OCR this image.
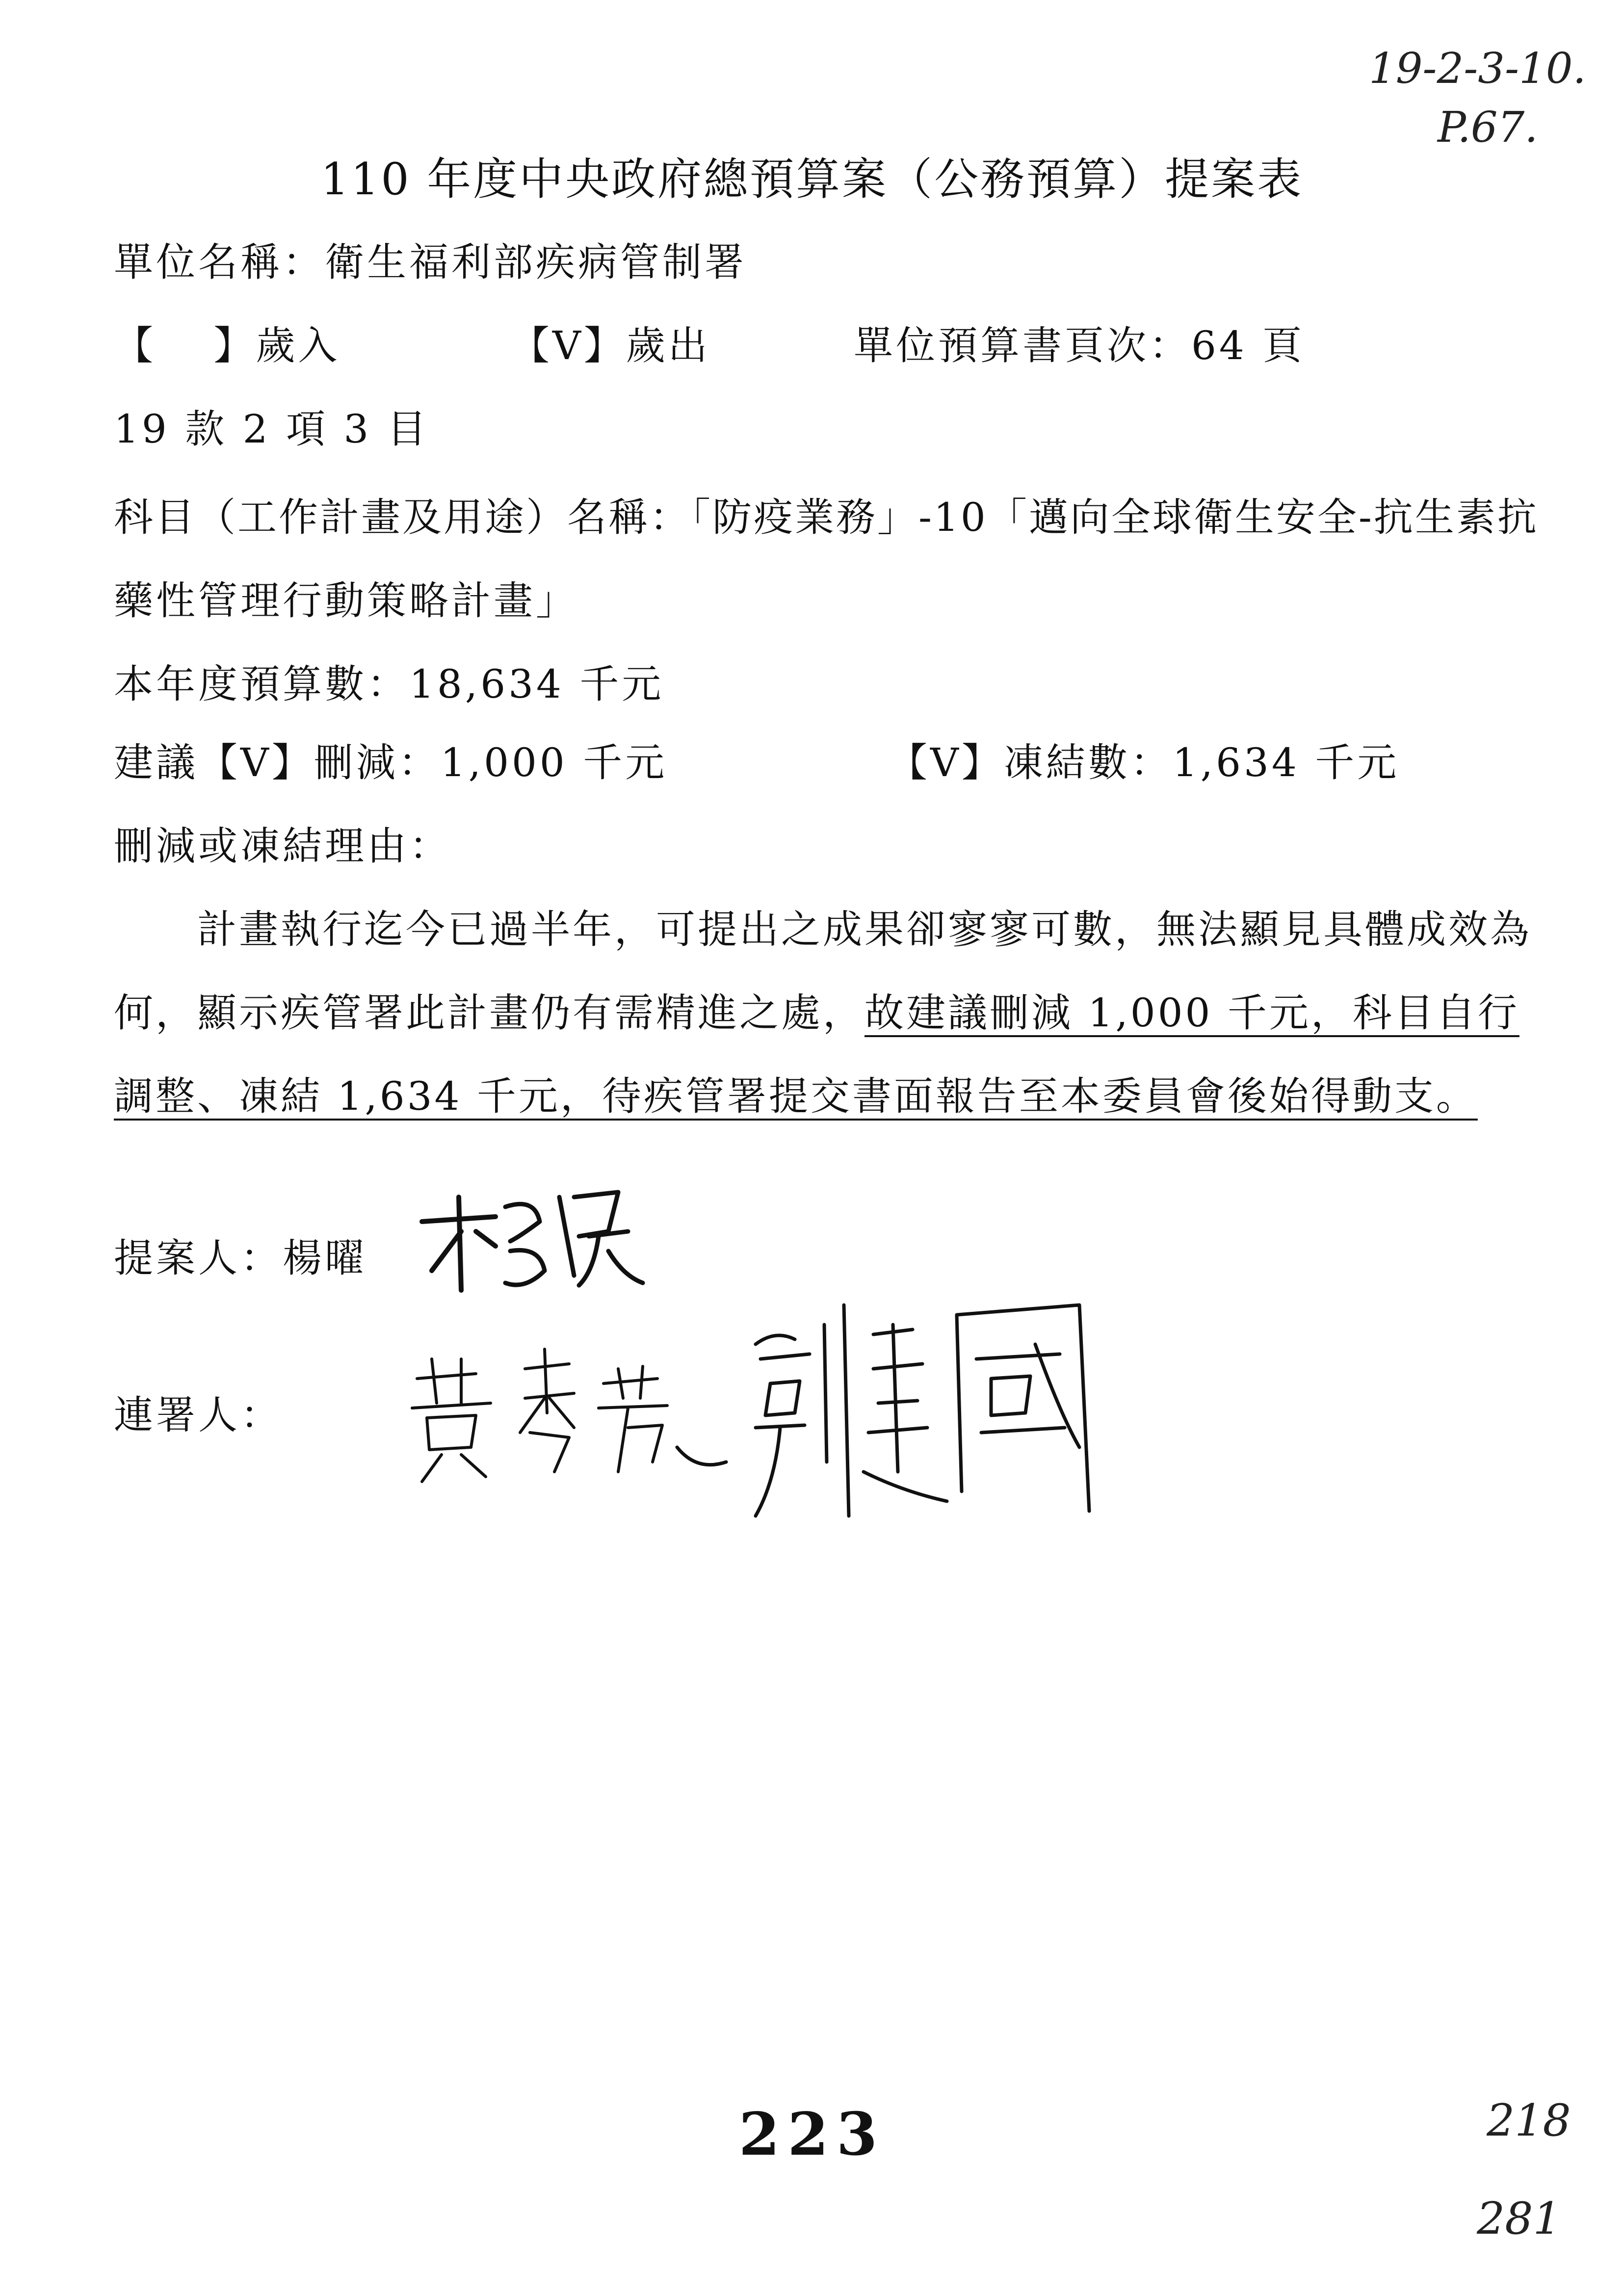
19-2-3-10.
P.67.
110 年度中央政府總預算案（公務預算）提案表
單位名稱：衛生福利部疾病管制署
【　 】歲入	【V】歲出	單位預算書頁次：64 頁
19 款 2 項 3 目
科目（工作計畫及用途）名稱：「防疫業務」-10「邁向全球衛生安全-抗生素抗
藥性管理行動策略計畫」
本年度預算數：18,634 千元
建議【V】刪減：1,000 千元	【V】凍結數：1,634 千元
刪減或凍結理由：
計畫執行迄今已過半年，可提出之成果卻寥寥可數，無法顯見具體成效為何，顯示疾管署此計畫仍有需精進之處，故建議刪減 1,000 千元，科目自行調整、凍結 1,634 千元，待疾管署提交書面報告至本委員會後始得動支。
提案人：楊曜
連署人：
223	218
281
